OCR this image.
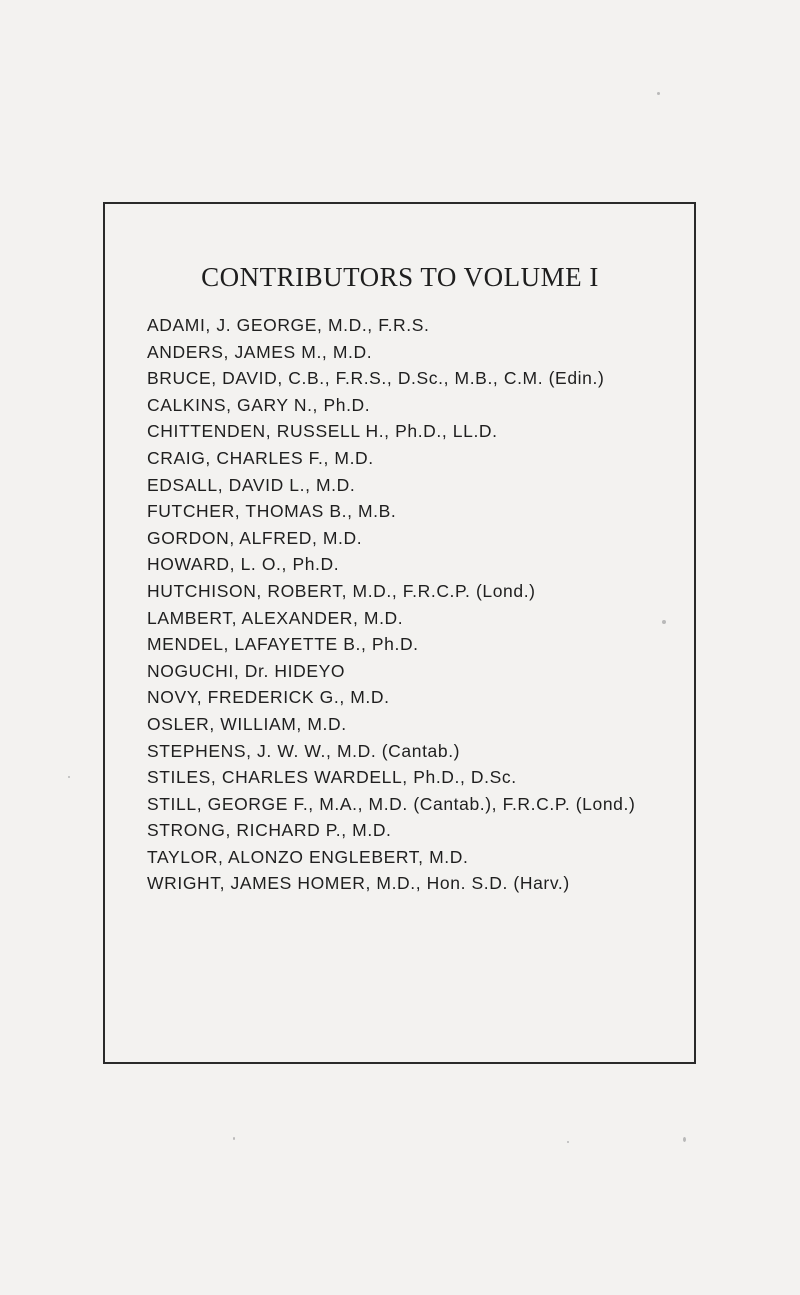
CONTRIBUTORS TO VOLUME I
ADAMI, J. GEORGE, M.D., F.R.S.
ANDERS, JAMES M., M.D.
BRUCE, DAVID, C.B., F.R.S., D.Sc., M.B., C.M. (Edin.)
CALKINS, GARY N., Ph.D.
CHITTENDEN, RUSSELL H., Ph.D., LL.D.
CRAIG, CHARLES F., M.D.
EDSALL, DAVID L., M.D.
FUTCHER, THOMAS B., M.B.
GORDON, ALFRED, M.D.
HOWARD, L. O., Ph.D.
HUTCHISON, ROBERT, M.D., F.R.C.P. (Lond.)
LAMBERT, ALEXANDER, M.D.
MENDEL, LAFAYETTE B., Ph.D.
NOGUCHI, Dr. HIDEYO
NOVY, FREDERICK G., M.D.
OSLER, WILLIAM, M.D.
STEPHENS, J. W. W., M.D. (Cantab.)
STILES, CHARLES WARDELL, Ph.D., D.Sc.
STILL, GEORGE F., M.A., M.D. (Cantab.), F.R.C.P. (Lond.)
STRONG, RICHARD P., M.D.
TAYLOR, ALONZO ENGLEBERT, M.D.
WRIGHT, JAMES HOMER, M.D., Hon. S.D. (Harv.)
